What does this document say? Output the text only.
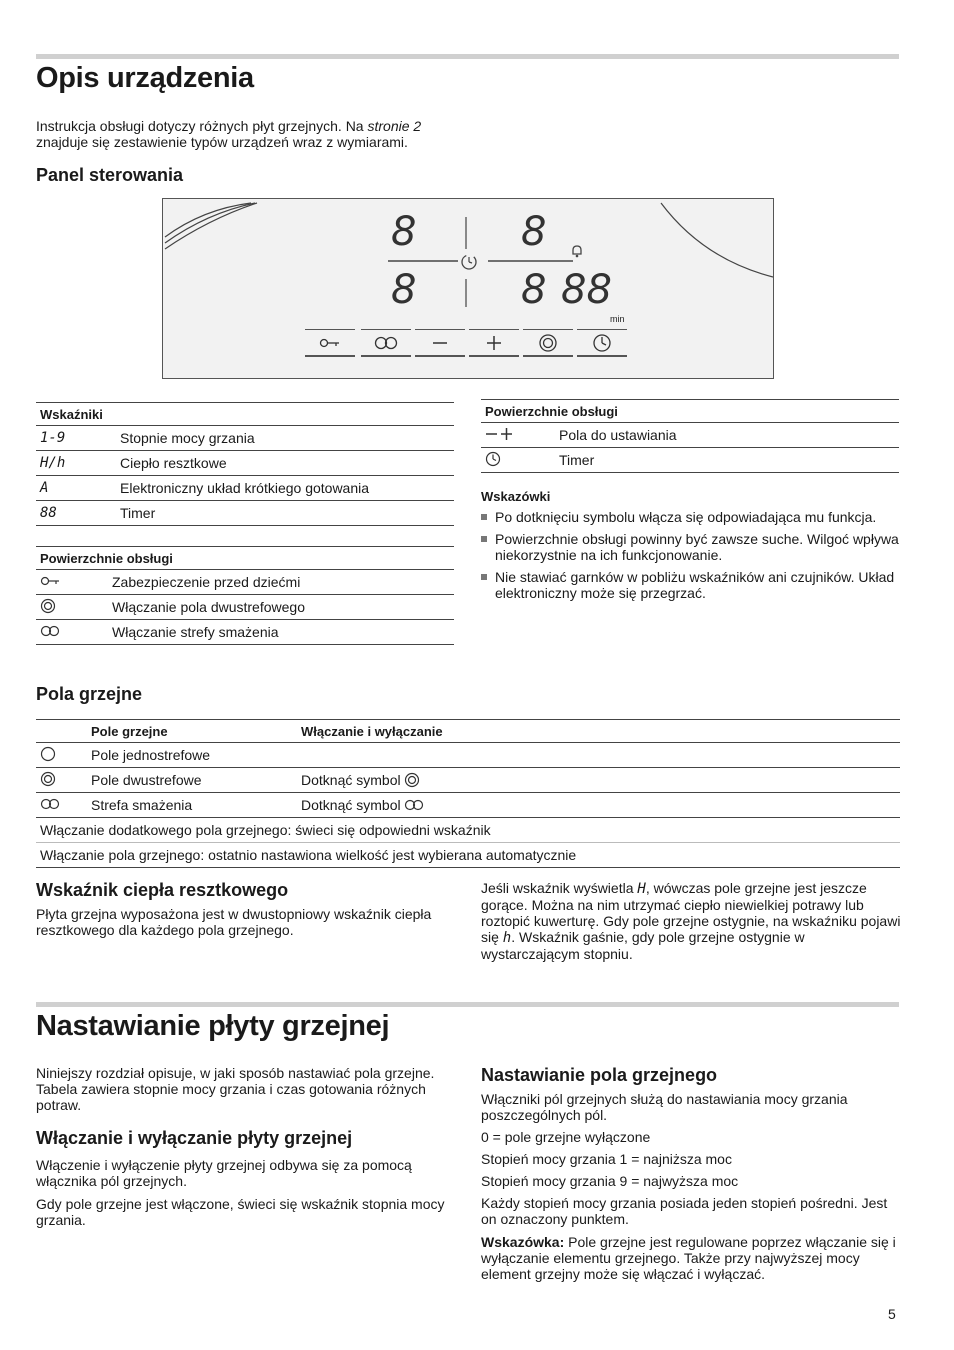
Opis urządzenia
Instrukcja obsługi dotyczy różnych płyt grzejnych. Na stronie 2 znajduje się zestawienie typów urządzeń wraz z wymiarami.
Panel sterowania
8	8
8	8 88
min
Wskaźniki	
1-9	Stopnie mocy grzania
H/h	Ciepło resztkowe
A	Elektroniczny układ krótkiego gotowania
88	Timer
Powierzchnie obsługi	
	Zabezpieczenie przed dziećmi
	Włączanie pola dwustrefowego
	Włączanie strefy smażenia
Powierzchnie obsługi	
	Pola do ustawiania
	Timer
Wskazówki
Po dotknięciu symbolu włącza się odpowiadająca mu funkcja.
Powierzchnie obsługi powinny być zawsze suche. Wilgoć wpływa niekorzystnie na ich funkcjonowanie.
Nie stawiać garnków w pobliżu wskaźników ani czujników. Układ elektroniczny może się przegrzać.
Pola grzejne
	Pole grzejne	Włączanie i wyłączanie
	Pole jednostrefowe	
	Pole dwustrefowe	Dotknąć symbol
	Strefa smażenia	Dotknąć symbol
Włączanie dodatkowego pola grzejnego: świeci się odpowiedni wskaźnik		
Włączanie pola grzejnego: ostatnio nastawiona wielkość jest wybierana automatycznie		
Wskaźnik ciepła resztkowego
Płyta grzejna wyposażona jest w dwustopniowy wskaźnik ciepła resztkowego dla każdego pola grzejnego.
Jeśli wskaźnik wyświetla H, wówczas pole grzejne jest jeszcze gorące. Można na nim utrzymać ciepło niewielkiej potrawy lub roztopić kuwerturę. Gdy pole grzejne ostygnie, na wskaźniku pojawi się h. Wskaźnik gaśnie, gdy pole grzejne ostygnie w wystarczającym stopniu.
Nastawianie płyty grzejnej
Niniejszy rozdział opisuje, w jaki sposób nastawiać pola grzejne. Tabela zawiera stopnie mocy grzania i czas gotowania różnych potraw.
Włączanie i wyłączanie płyty grzejnej
Włączenie i wyłączenie płyty grzejnej odbywa się za pomocą włącznika pól grzejnych.
Gdy pole grzejne jest włączone, świeci się wskaźnik stopnia mocy grzania.
Nastawianie pola grzejnego

Włączniki pól grzejnych służą do nastawiania mocy grzania poszczególnych pól.

0 = pole grzejne wyłączone

Stopień mocy grzania 1 = najniższa moc

Stopień mocy grzania 9 = najwyższa moc

Każdy stopień mocy grzania posiada jeden stopień pośredni. Jest on oznaczony punktem.

Wskazówka: Pole grzejne jest regulowane poprzez włączanie się i wyłączanie elementu grzejnego. Także przy najwyższej mocy element grzejny może się włączać i wyłączać.

5
